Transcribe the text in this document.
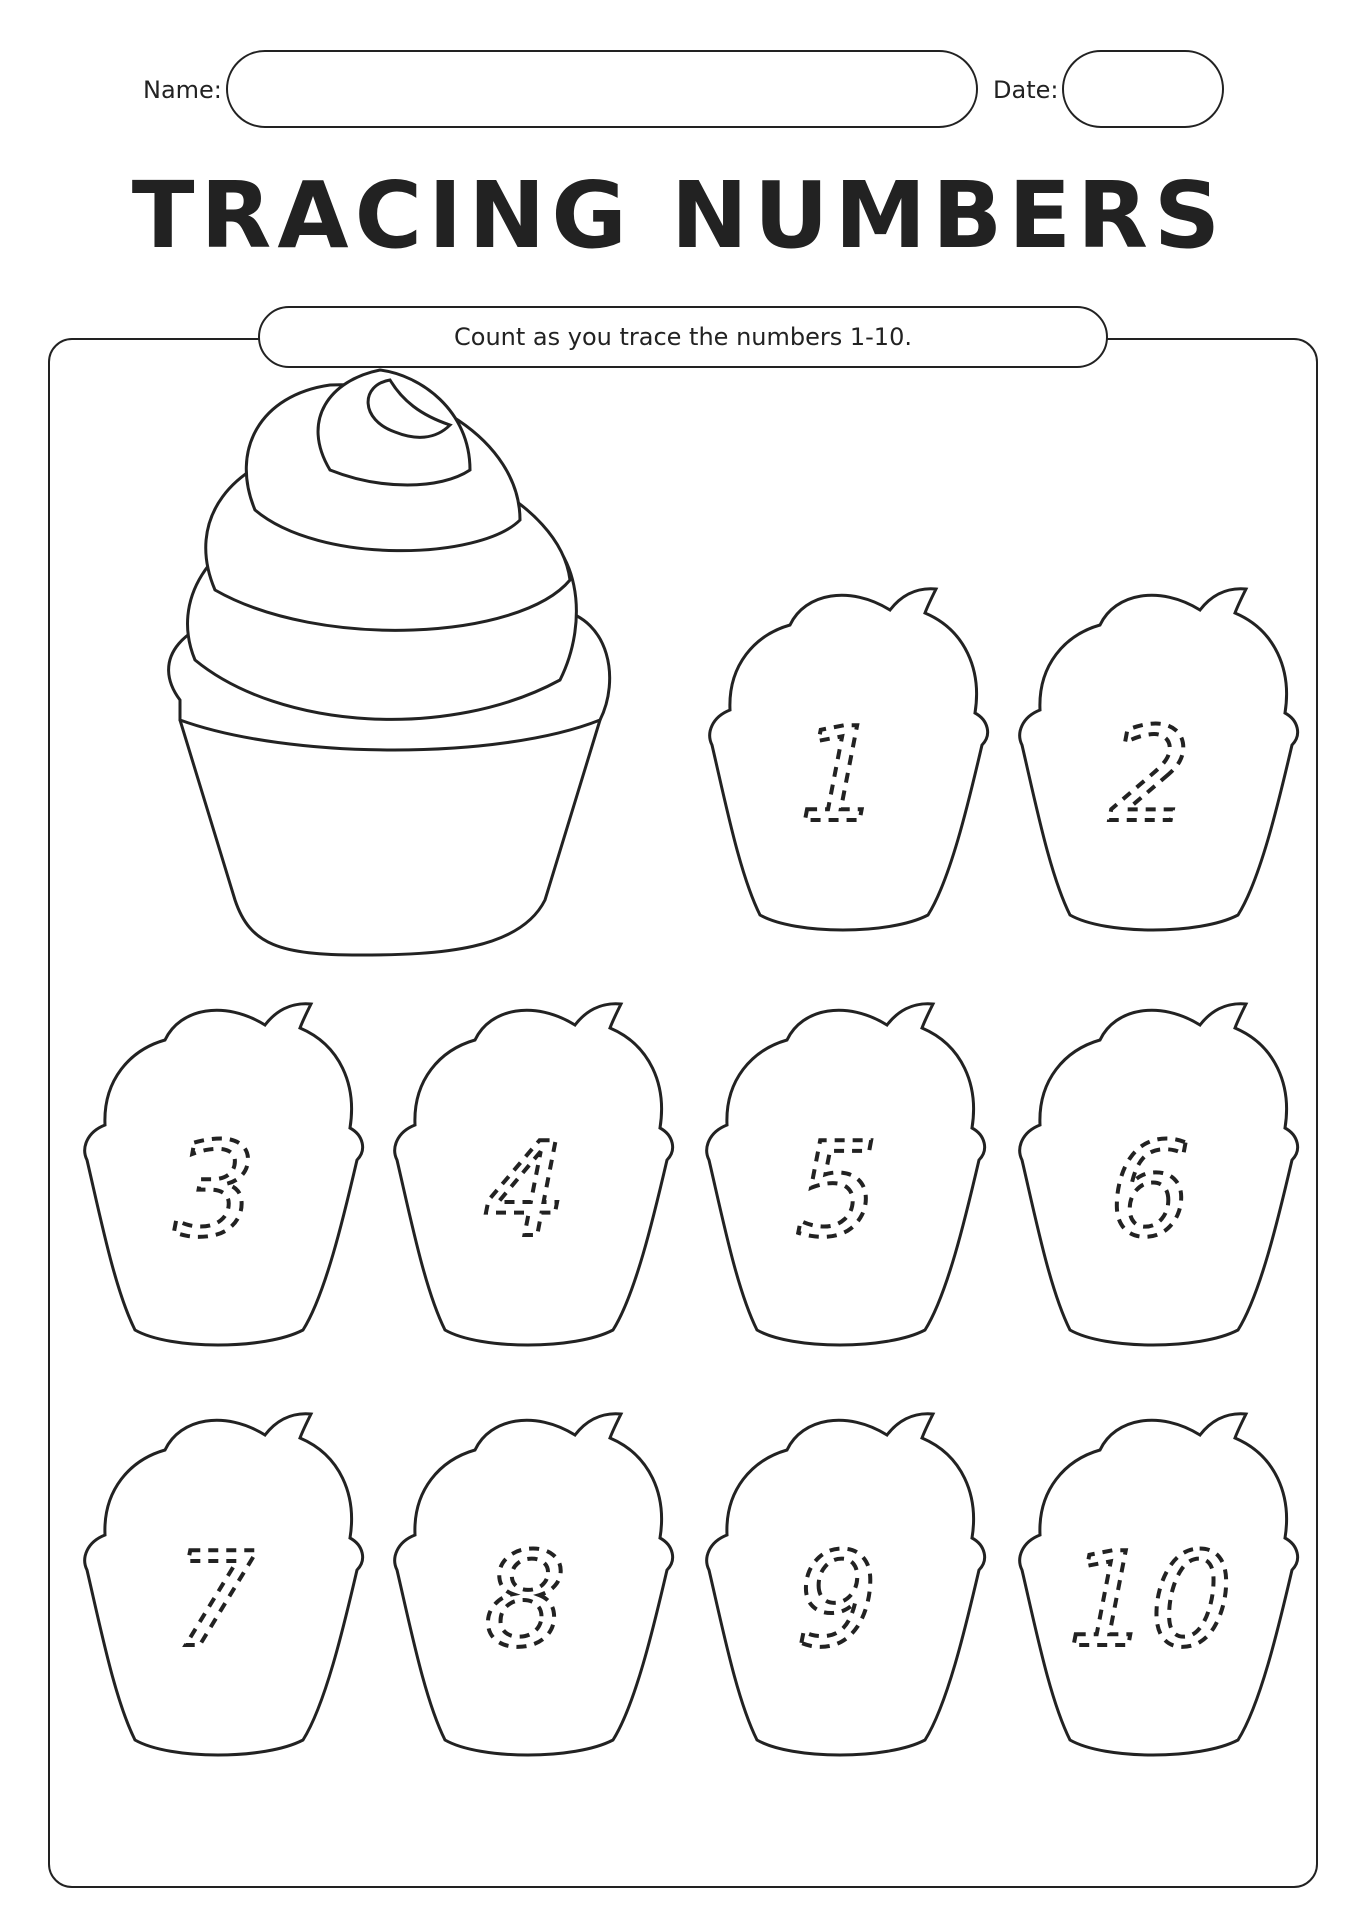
Name:	Date:
TRACING NUMBERS
Count as you trace the numbers 1-10.
1 2
3 4 5 6
7 8 9 10
